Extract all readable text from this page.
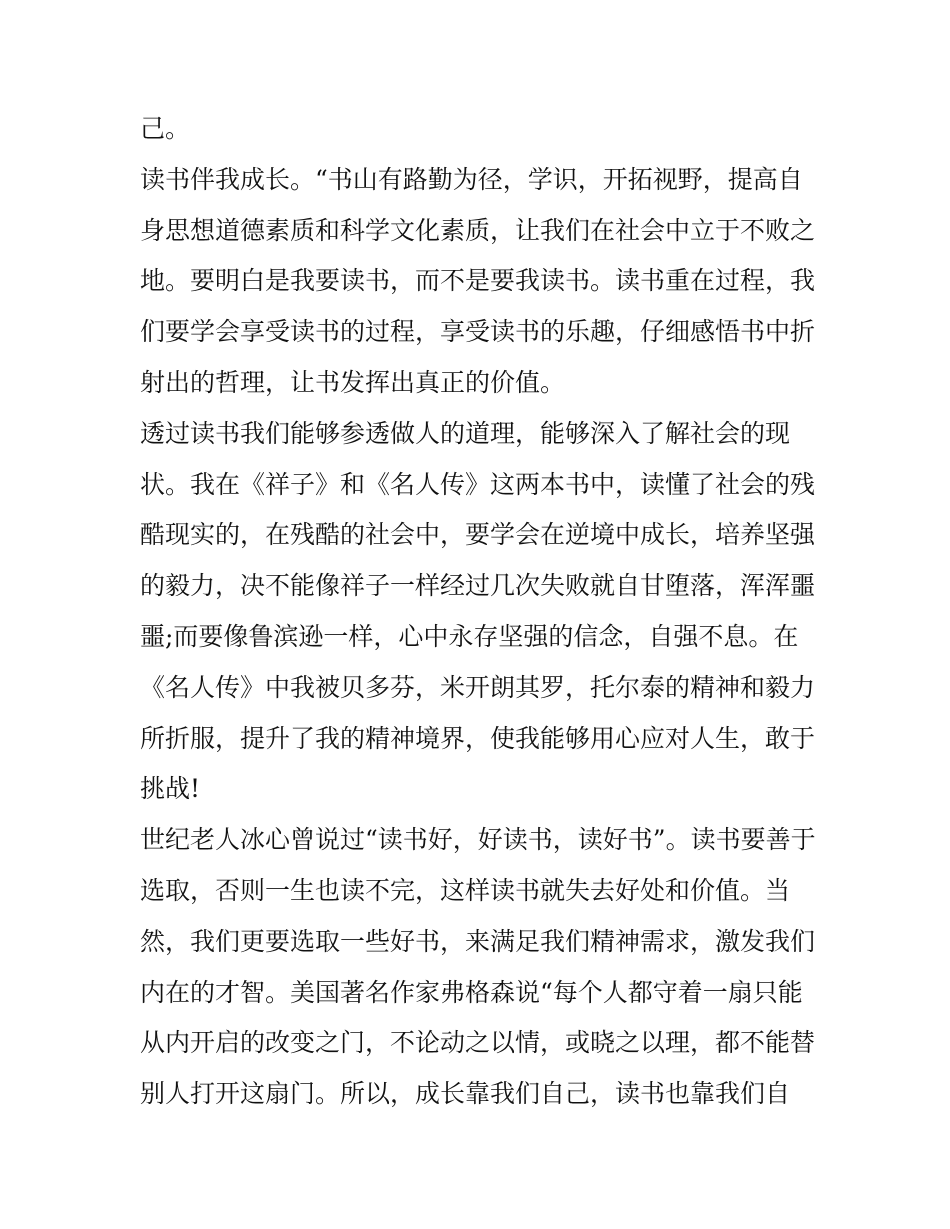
己。
读书伴我成长。“书山有路勤为径，学识，开拓视野，提高自
身思想道德素质和科学文化素质，让我们在社会中立于不败之
地。要明白是我要读书，而不是要我读书。读书重在过程，我
们要学会享受读书的过程，享受读书的乐趣，仔细感悟书中折
射出的哲理，让书发挥出真正的价值。
透过读书我们能够参透做人的道理，能够深入了解社会的现
状。我在《祥子》和《名人传》这两本书中，读懂了社会的残
酷现实的，在残酷的社会中，要学会在逆境中成长，培养坚强
的毅力，决不能像祥子一样经过几次失败就自甘堕落，浑浑噩
噩;而要像鲁滨逊一样，心中永存坚强的信念，自强不息。在
《名人传》中我被贝多芬，米开朗其罗，托尔泰的精神和毅力
所折服，提升了我的精神境界，使我能够用心应对人生，敢于
挑战!
世纪老人冰心曾说过“读书好，好读书，读好书”。读书要善于
选取，否则一生也读不完，这样读书就失去好处和价值。当
然，我们更要选取一些好书，来满足我们精神需求，激发我们
内在的才智。美国著名作家弗格森说“每个人都守着一扇只能
从内开启的改变之门，不论动之以情，或晓之以理，都不能替
别人打开这扇门。所以，成长靠我们自己，读书也靠我们自
